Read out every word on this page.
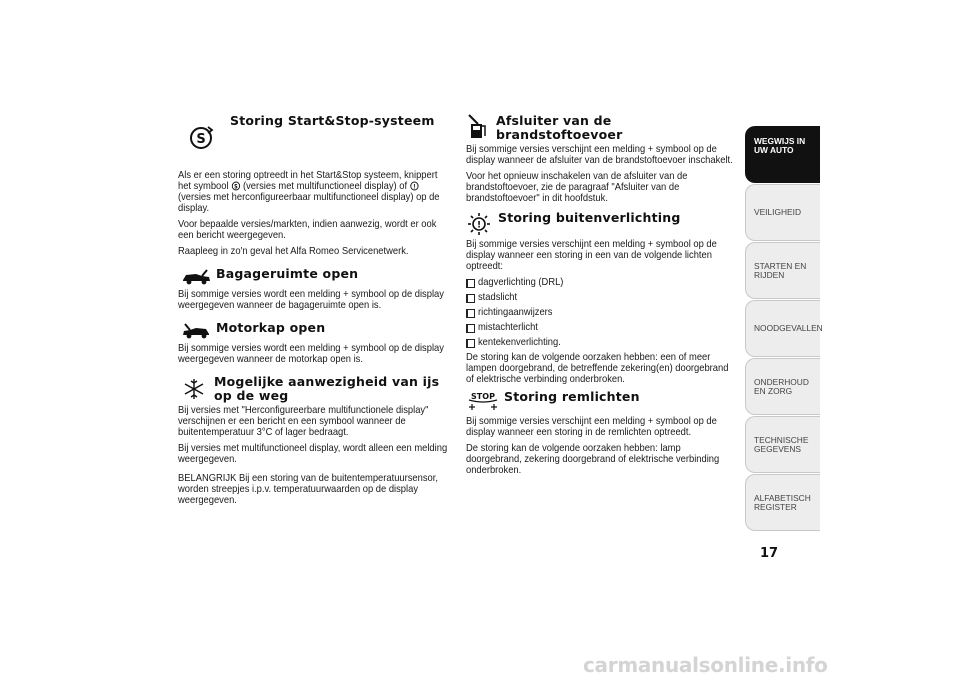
S
Storing Start&Stop-systeem

Als er een storing optreedt in het Start&Stop systeem, knippert het symbool S (versies met multifunctioneel display) of !
(versies met herconfigureerbaar multifunctioneel display) op de display.

Voor bepaalde versies/markten, indien aanwezig, wordt er ook een bericht weergegeven.

Raapleeg in zo'n geval het Alfa Romeo Servicenetwerk.

Bagageruimte open

Bij sommige versies wordt een melding + symbool op de display weergegeven wanneer de bagageruimte open is.

Motorkap open

Bij sommige versies wordt een melding + symbool op de display weergegeven wanneer de motorkap open is.

Mogelijke aanwezigheid van ijs op de weg

Bij versies met "Herconfigureerbare multifunctionele display" verschijnen er een bericht en een symbool wanneer de buitentemperatuur 3°C of lager bedraagt.

Bij versies met multifunctioneel display, wordt alleen een melding weergegeven.

BELANGRIJK Bij een storing van de buitentemperatuursensor, worden streepjes i.p.v. temperatuurwaarden op de display weergegeven.

Afsluiter van de brandstoftoevoer

Bij sommige versies verschijnt een melding + symbool op de display wanneer de afsluiter van de brandstoftoevoer inschakelt.

Voor het opnieuw inschakelen van de afsluiter van de brandstoftoevoer, zie de paragraaf "Afsluiter van de brandstoftoevoer" in dit hoofdstuk.

!
Storing buitenverlichting

Bij sommige versies verschijnt een melding + symbool op de display wanneer een storing in een van de volgende lichten optreedt:

dagverlichting (DRL)
stadslicht
richtingaanwijzers
mistachterlicht
kentekenverlichting.

De storing kan de volgende oorzaken hebben: een of meer lampen doorgebrand, de betreffende zekering(en) doorgebrand of elektrische verbinding onderbroken.

STOP Storing remlichten

Bij sommige versies verschijnt een melding + symbool op de display wanneer een storing in de remlichten optreedt.

De storing kan de volgende oorzaken hebben: lamp doorgebrand, zekering doorgebrand of elektrische verbinding onderbroken.

WEGWIJS IN UW AUTO
VEILIGHEID
STARTEN EN RIJDEN
NOODGEVALLEN
ONDERHOUD EN ZORG
TECHNISCHE GEGEVENS
ALFABETISCH REGISTER
17
carmanualsonline.info
